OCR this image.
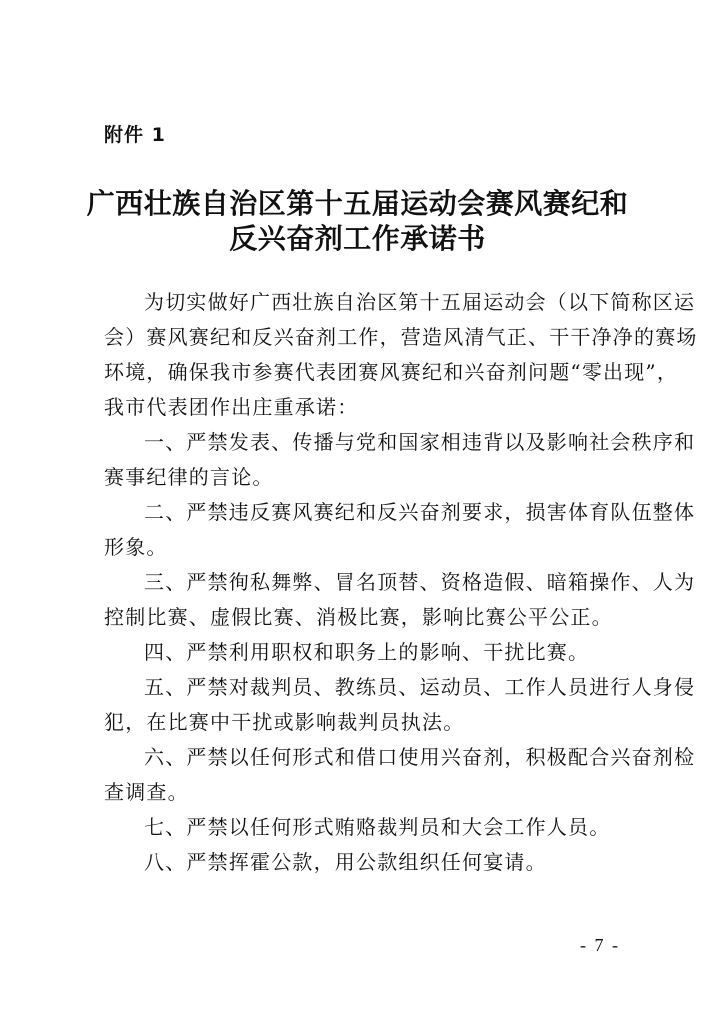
附件 1
广西壮族自治区第十五届运动会赛风赛纪和
反兴奋剂工作承诺书
为切实做好广西壮族自治区第十五届运动会（以下简称区运
会）赛风赛纪和反兴奋剂工作，营造风清气正、干干净净的赛场
环境，确保我市参赛代表团赛风赛纪和兴奋剂问题“零出现”，
我市代表团作出庄重承诺：
一、严禁发表、传播与党和国家相违背以及影响社会秩序和
赛事纪律的言论。
二、严禁违反赛风赛纪和反兴奋剂要求，损害体育队伍整体
形象。
三、严禁徇私舞弊、冒名顶替、资格造假、暗箱操作、人为
控制比赛、虚假比赛、消极比赛，影响比赛公平公正。
四、严禁利用职权和职务上的影响、干扰比赛。
五、严禁对裁判员、教练员、运动员、工作人员进行人身侵
犯，在比赛中干扰或影响裁判员执法。
六、严禁以任何形式和借口使用兴奋剂，积极配合兴奋剂检
查调查。
七、严禁以任何形式贿赂裁判员和大会工作人员。
八、严禁挥霍公款，用公款组织任何宴请。
- 7 -
